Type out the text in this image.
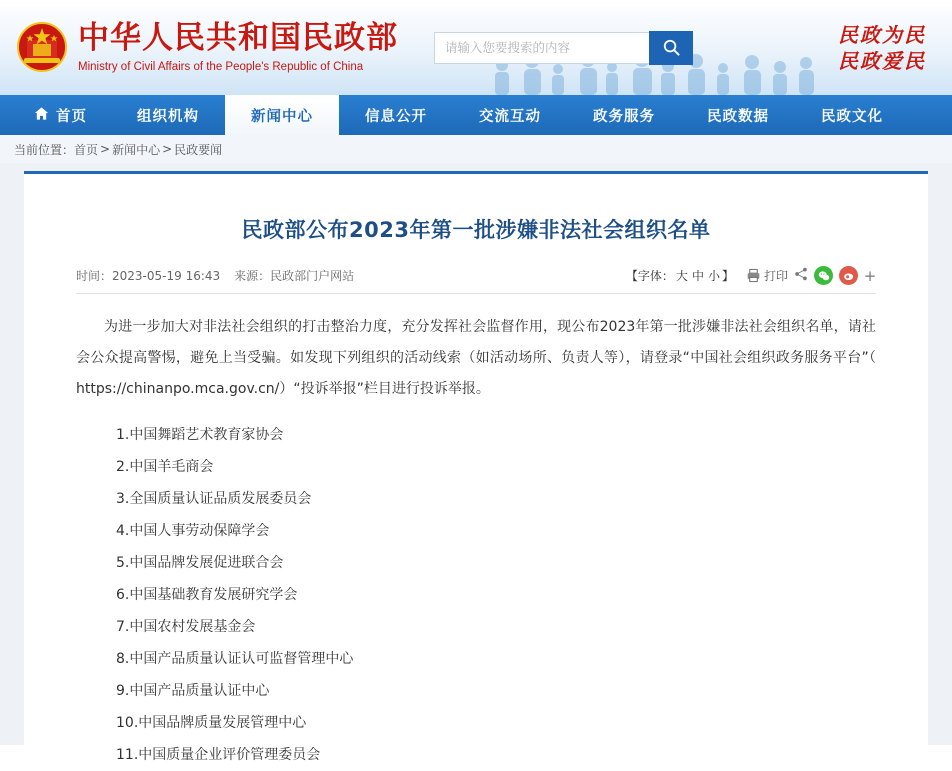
中华人民共和国民政部
Ministry of Civil Affairs of the People's Republic of China
请输入您要搜索的内容
民政为民
民政爱民
首页	组织机构	新闻中心	信息公开	交流互动	政务服务	民政数据	民政文化
当前位置： 首页 > 新闻中心 > 民政要闻
民政部公布2023年第一批涉嫌非法社会组织名单
时间：2023-05-19 16:43 来源：民政部门户网站	【字体： 大 中 小 】	打印	+

为进一步加大对非法社会组织的打击整治力度，充分发挥社会监督作用，现公布2023年第一批涉嫌非法社会组织名单，请社会公众提高警惕，避免上当受骗。如发现下列组织的活动线索（如活动场所、负责人等），请登录“中国社会组织政务服务平台”（ https://chinanpo.mca.gov.cn/）“投诉举报”栏目进行投诉举报。

1.中国舞蹈艺术教育家协会
2.中国羊毛商会
3.全国质量认证品质发展委员会
4.中国人事劳动保障学会
5.中国品牌发展促进联合会
6.中国基础教育发展研究学会
7.中国农村发展基金会
8.中国产品质量认证认可监督管理中心
9.中国产品质量认证中心
10.中国品牌质量发展管理中心
11.中国质量企业评价管理委员会
